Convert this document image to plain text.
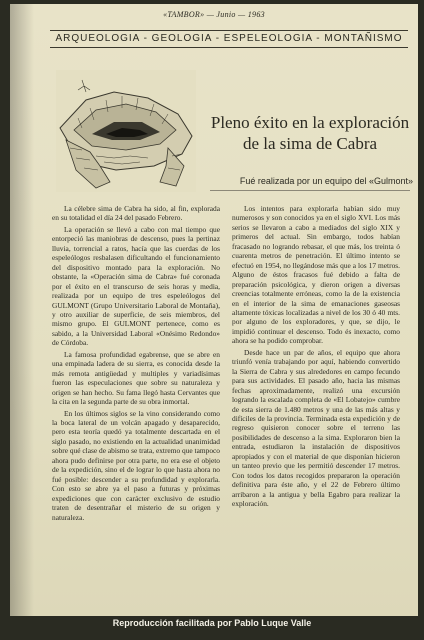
«TAMBOR» — Junio — 1963
ARQUEOLOGIA - GEOLOGIA - ESPELEOLOGIA - MONTAÑISMO
Pleno éxito en la exploración
de la sima de Cabra
Fué realizada por un equipo del «Gulmont»

La célebre sima de Cabra ha sido, al fin, explorada en su totalidad el día 24 del pasado Febrero.

La operación se llevó a cabo con mal tiempo que entorpeció las maniobras de descenso, pues la pertinaz lluvia, torrencial a ratos, hacía que las cuerdas de los espeleólogos resbalasen dificultando el funcionamiento del dispositivo montado para la exploración. No obstante, la «Operación sima de Cabra» fué coronada por el éxito en el transcurso de seis horas y media, realizada por un equipo de tres espeleólogos del GULMONT (Grupo Universitario Laboral de Montaña), y otro auxiliar de superficie, de seis miembros, del mismo grupo. El GULMONT pertenece, como es sabido, a la Universidad Laboral «Onésimo Redondo» de Córdoba.

La famosa profundidad egabrense, que se abre en una empinada ladera de su sierra, es conocida desde la más remota antigüedad y multiples y variadísimas fueron las especulaciones que sobre su naturaleza y origen se han hecho. Su fama llegó hasta Cervantes que la cita en la segunda parte de su obra inmortal.

En los últimos siglos se la vino considerando como la boca lateral de un volcán apagado y desaparecido, pero esta teoría quedó ya totalmente descartada en el siglo pasado, no existiendo en la actualidad unanimidad sobre qué clase de abismo se trata, extremo que tampoco ahora pudo definirse por otra parte, no era ese el objeto de la expedición, sino el de lograr lo que hasta ahora no fué posible: descender a su profundidad y explorarla. Con esto se abre ya el paso a futuras y próximas expediciones que con carácter exclusivo de estudio traten de desentrañar el misterio de su origen y naturaleza.

Los intentos para explorarla habían sido muy numerosos y son conocidos ya en el siglo XVI. Los más serios se llevaron a cabo a mediados del siglo XIX y primeros del actual. Sin embargo, todos habían fracasado no logrando rebasar, el que más, los treinta ó cuarenta metros de penetración. El último intento se efectuó en 1954, no llegándose más que a los 17 metros. Alguno de éstos fracasos fué debido a falta de preparación psicológica, y dieron origen a diversas creencias totalmente erróneas, como la de la existencia en el interior de la sima de emanaciones gaseosas altamente tóxicas localizadas a nivel de los 30 ó 40 mts. por alguno de los exploradores, y que, se dijo, le impidió continuar el descenso. Todo és inexacto, como ahora se ha podido comprobar.

Desde hace un par de años, el equipo que ahora triunfó venía trabajando por aquí, habiendo convertido la Sierra de Cabra y sus alrededores en campo fecundo para sus actividades. El pasado año, hacia las mismas fechas aproximadamente, realizó una excursión logrando la escalada completa de «El Lobatejo» cumbre de esta sierra de 1.480 metros y una de las más altas y difíciles de la provincia. Terminada esta expedición y de regreso quisieron conocer sobre el terreno las posibilidades de descenso a la sima. Exploraron bien la entrada, estudiaron la instalación de dispositivos apropiados y con el material de que disponían hicieron un tanteo previo que les permitió descender 17 metros. Con todos los datos recogidos prepararon la operación definitiva para éste año, y el 22 de Febrero último arribaron a la antigua y bella Egabro para realizar la exploración.

Reproducción facilitada por Pablo Luque Valle
